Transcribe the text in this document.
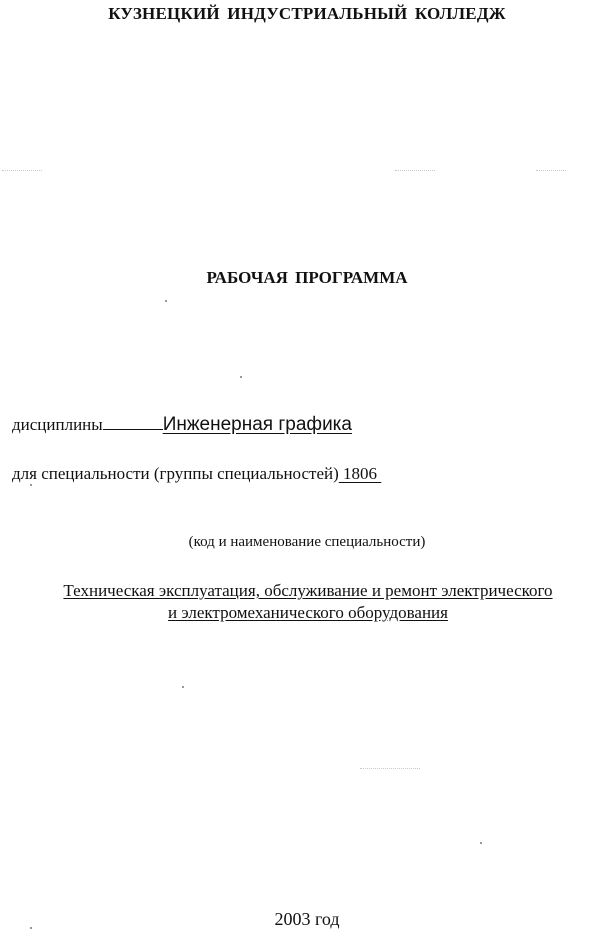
КУЗНЕЦКИЙ ИНДУСТРИАЛЬНЫЙ КОЛЛЕДЖ
РАБОЧАЯ ПРОГРАММА
дисциплины	Инженерная графика
для специальности (группы специальностей) 1806
(код и наименование специальности)
Техническая эксплуатация, обслуживание и ремонт электрического
и электромеханического оборудования
2003 год
